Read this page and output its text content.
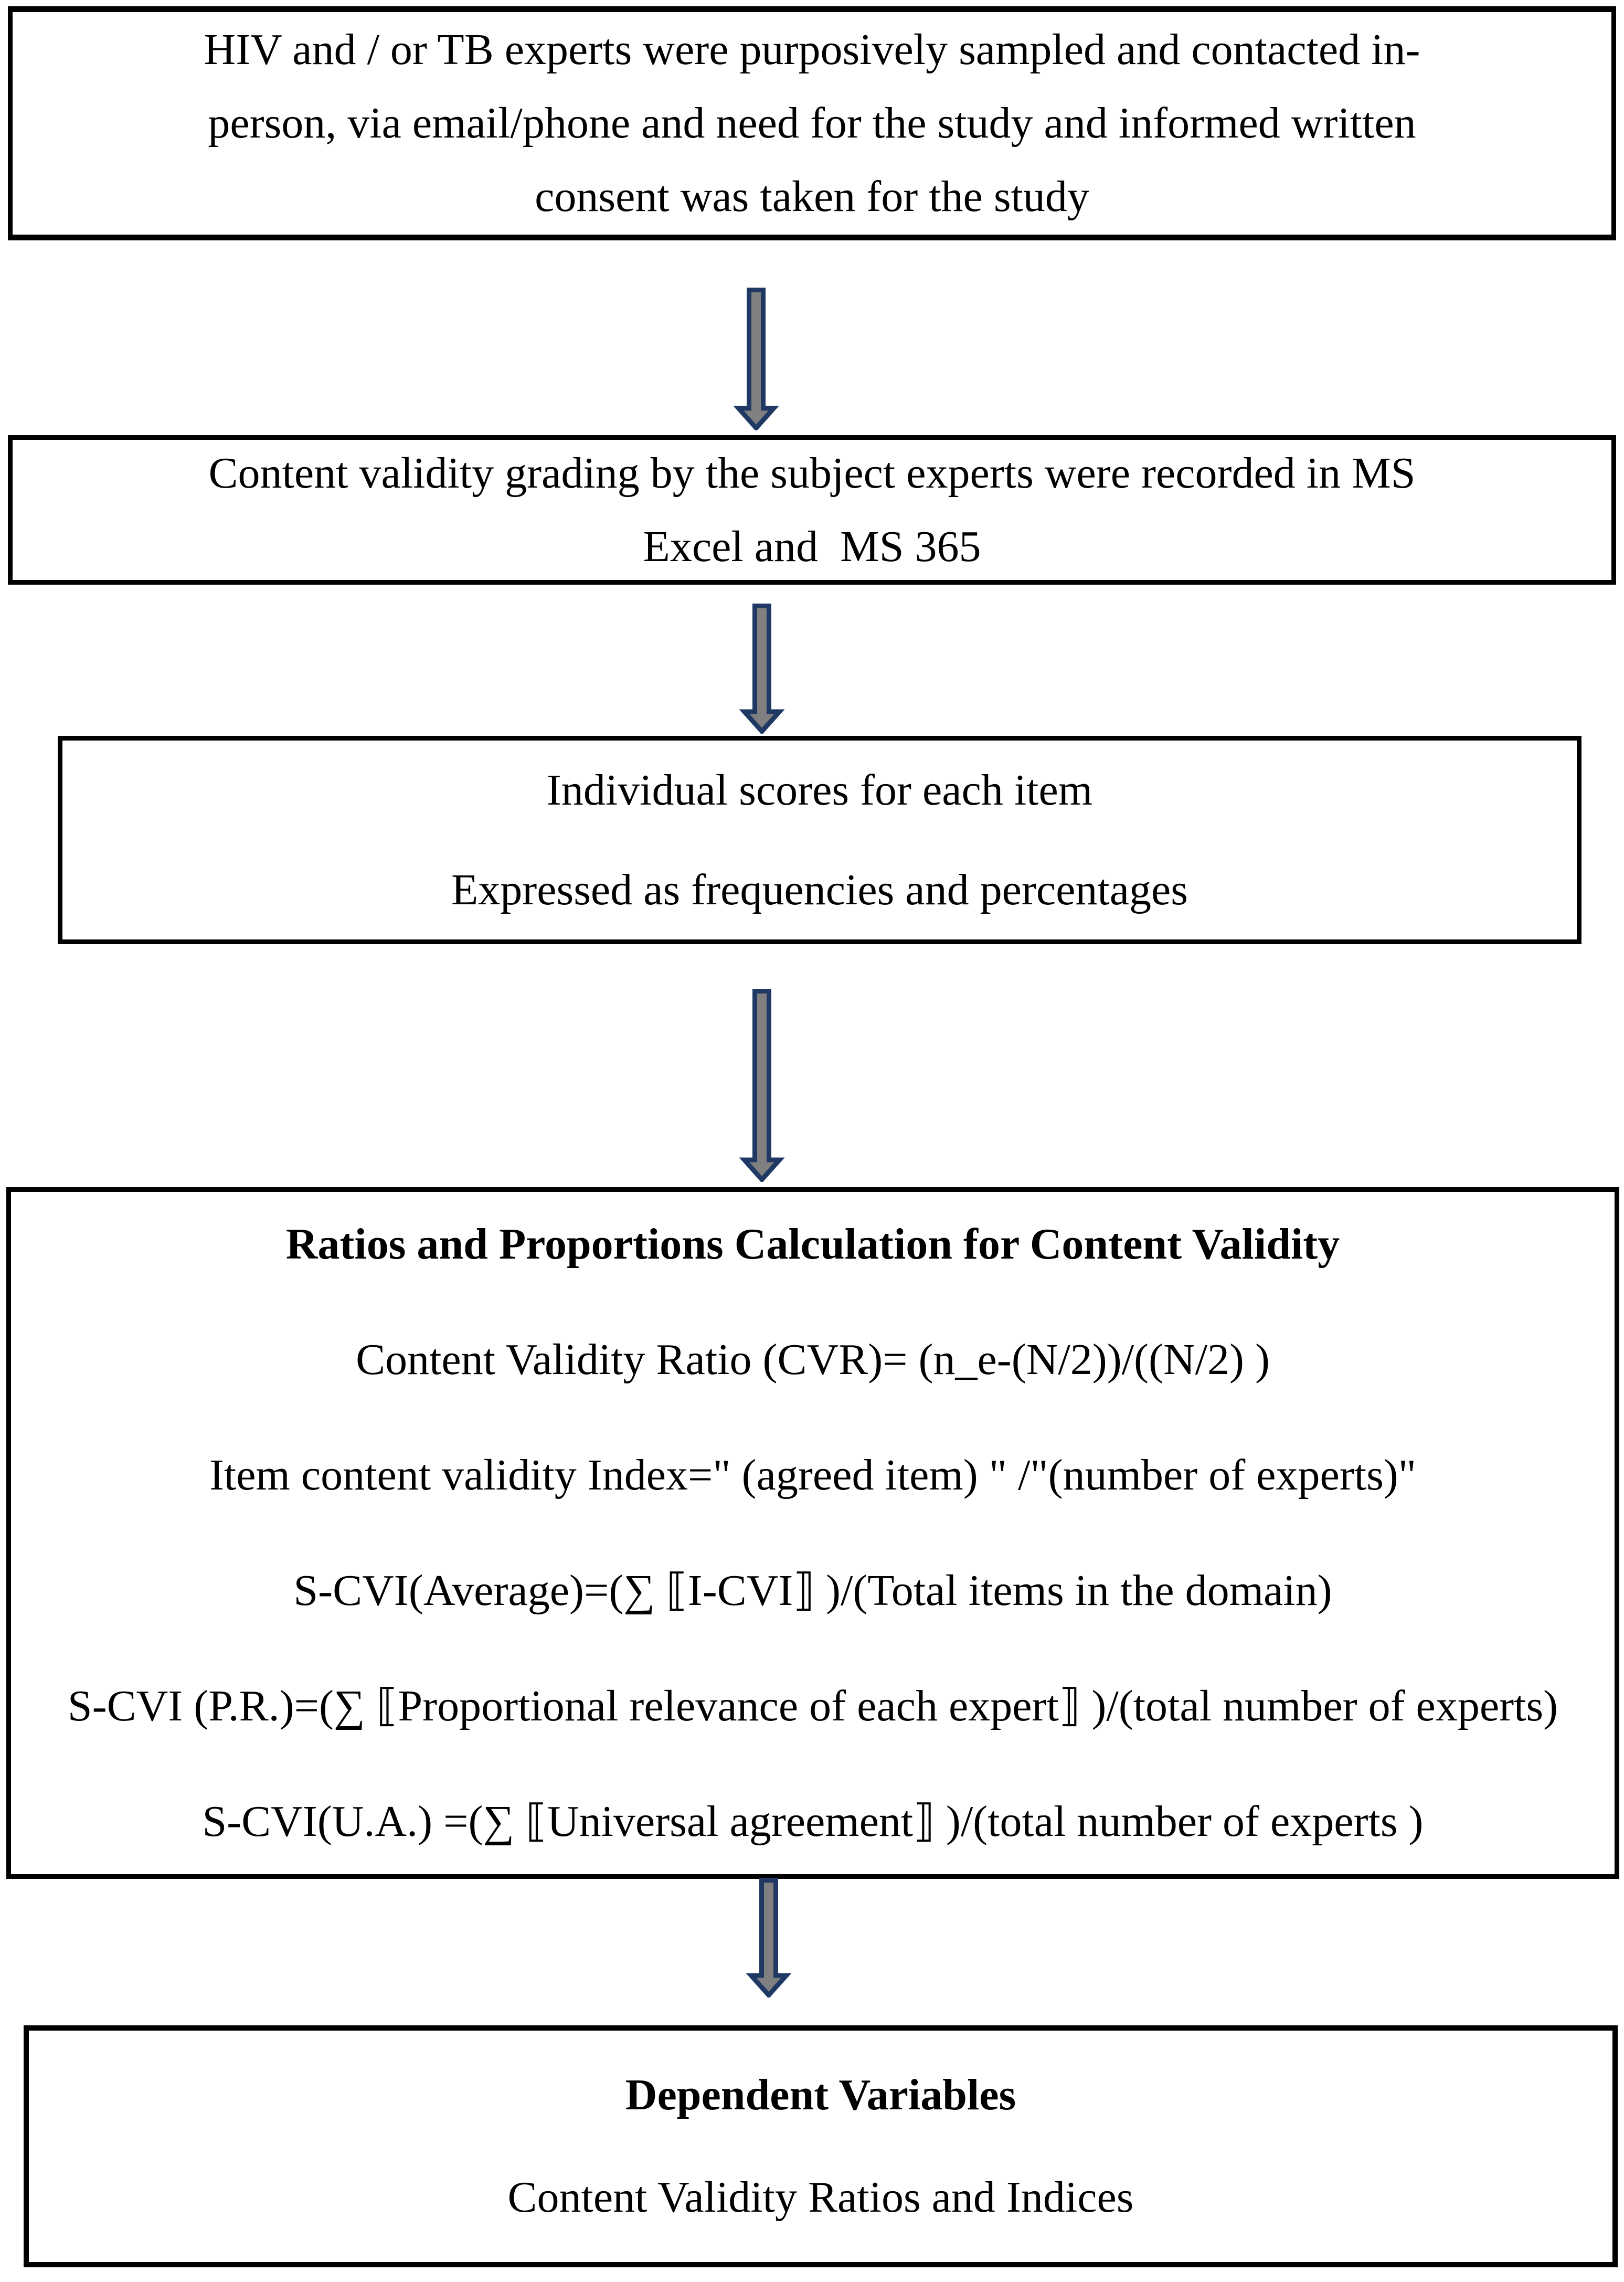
HIV and / or TB experts were purposively sampled and contacted in-
person, via email/phone and need for the study and informed written
consent was taken for the study
Content validity grading by the subject experts were recorded in MS
Excel and  MS 365
Individual scores for each item
Expressed as frequencies and percentages
Ratios and Proportions Calculation for Content Validity
Content Validity Ratio (CVR)= (n_e-(N/2))/((N/2) )
Item content validity Index=" (agreed item) " /"(number of experts)"
S-CVI(Average)=(∑ ⟦I-CVI⟧ )/(Total items in the domain)
S-CVI (P.R.)=(∑ ⟦Proportional relevance of each expert⟧ )/(total number of experts)
S-CVI(U.A.) =(∑ ⟦Universal agreement⟧ )/(total number of experts )
Dependent Variables
Content Validity Ratios and Indices
